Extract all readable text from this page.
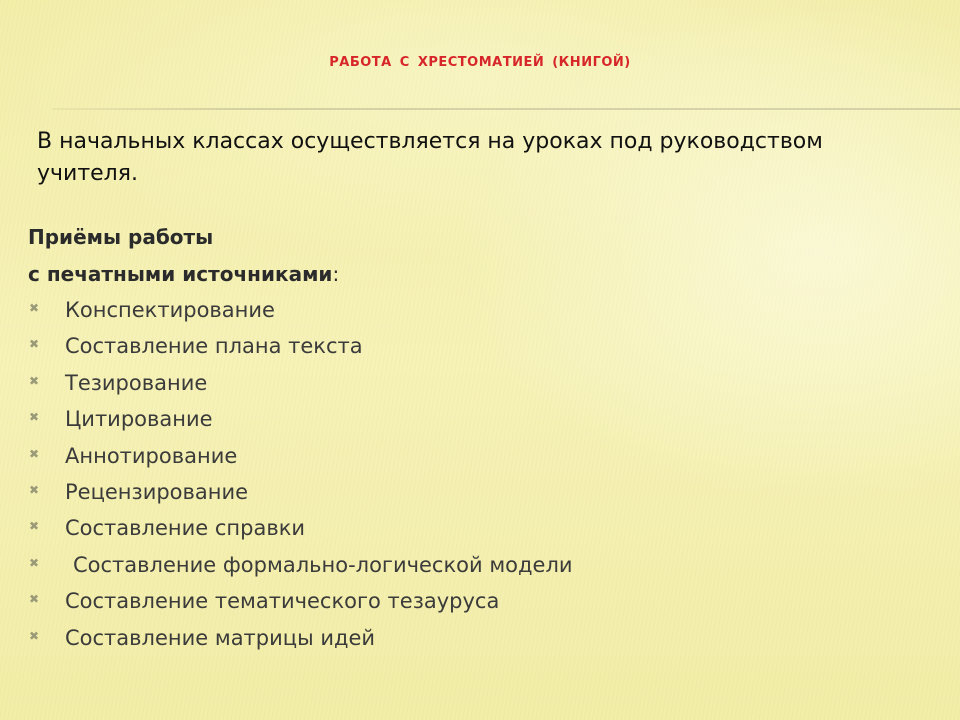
РАБОТА С ХРЕСТОМАТИЕЙ (КНИГОЙ)
В начальных классах осуществляется на уроках под руководством учителя.
Приёмы работы
с печатными источниками:
✖ Конспектирование
✖ Составление плана текста
✖ Тезирование
✖ Цитирование
✖ Аннотирование
✖ Рецензирование
✖ Составление справки
✖ Составление формально-логической модели
✖ Составление тематического тезауруса
✖ Составление матрицы идей
